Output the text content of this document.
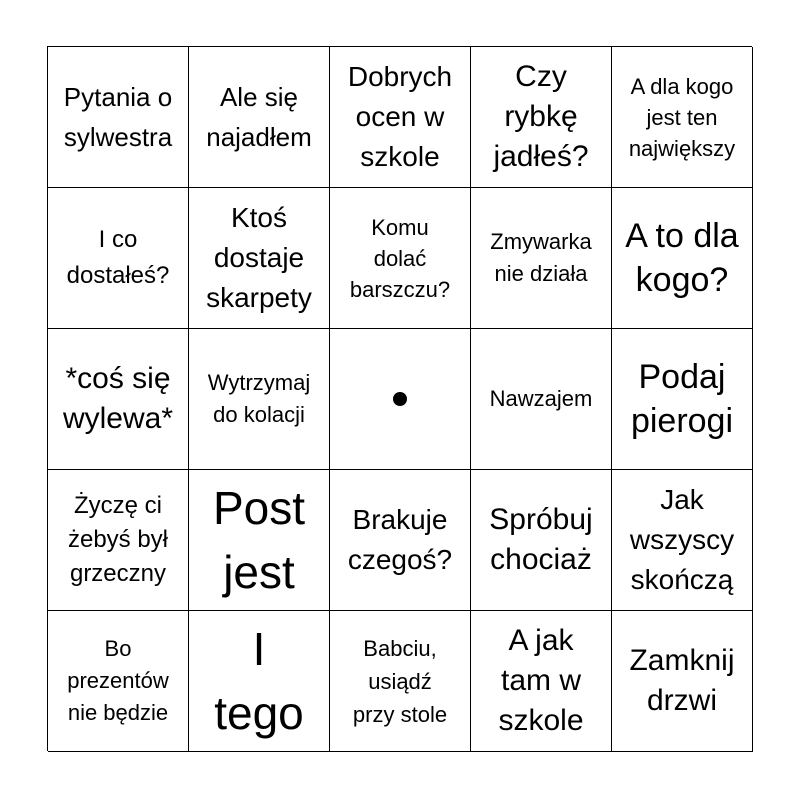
Pytania o
sylwestra
Ale się
najadłem
Dobrych
ocen w
szkole
Czy
rybkę
jadłeś?
A dla kogo
jest ten
największy
I co
dostałeś?
Ktoś
dostaje
skarpety
Komu
dolać
barszczu?
Zmywarka
nie działa
A to dla
kogo?
*coś się
wylewa*
Wytrzymaj
do kolacji
Nawzajem
Podaj
pierogi
Życzę ci
żebyś był
grzeczny
Post
jest
Brakuje
czegoś?
Spróbuj
chociaż
Jak
wszyscy
skończą
Bo
prezentów
nie będzie
I
tego
Babciu,
usiądź
przy stole
A jak
tam w
szkole
Zamknij
drzwi
